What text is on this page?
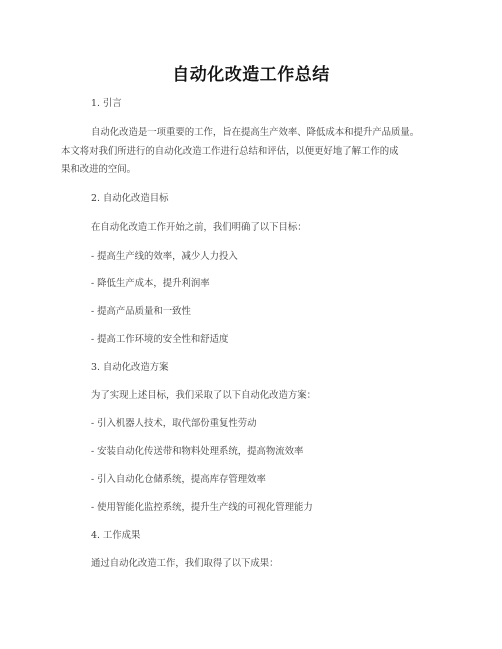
自动化改造工作总结
1. 引言
自动化改造是一项重要的工作，旨在提高生产效率、降低成本和提升产品质量。
本文将对我们所进行的自动化改造工作进行总结和评估，以便更好地了解工作的成
果和改进的空间。
2. 自动化改造目标
在自动化改造工作开始之前，我们明确了以下目标：
- 提高生产线的效率，减少人力投入
- 降低生产成本，提升利润率
- 提高产品质量和一致性
- 提高工作环境的安全性和舒适度
3. 自动化改造方案
为了实现上述目标，我们采取了以下自动化改造方案：
- 引入机器人技术，取代部份重复性劳动
- 安装自动化传送带和物料处理系统，提高物流效率
- 引入自动化仓储系统，提高库存管理效率
- 使用智能化监控系统，提升生产线的可视化管理能力
4. 工作成果
通过自动化改造工作，我们取得了以下成果：
